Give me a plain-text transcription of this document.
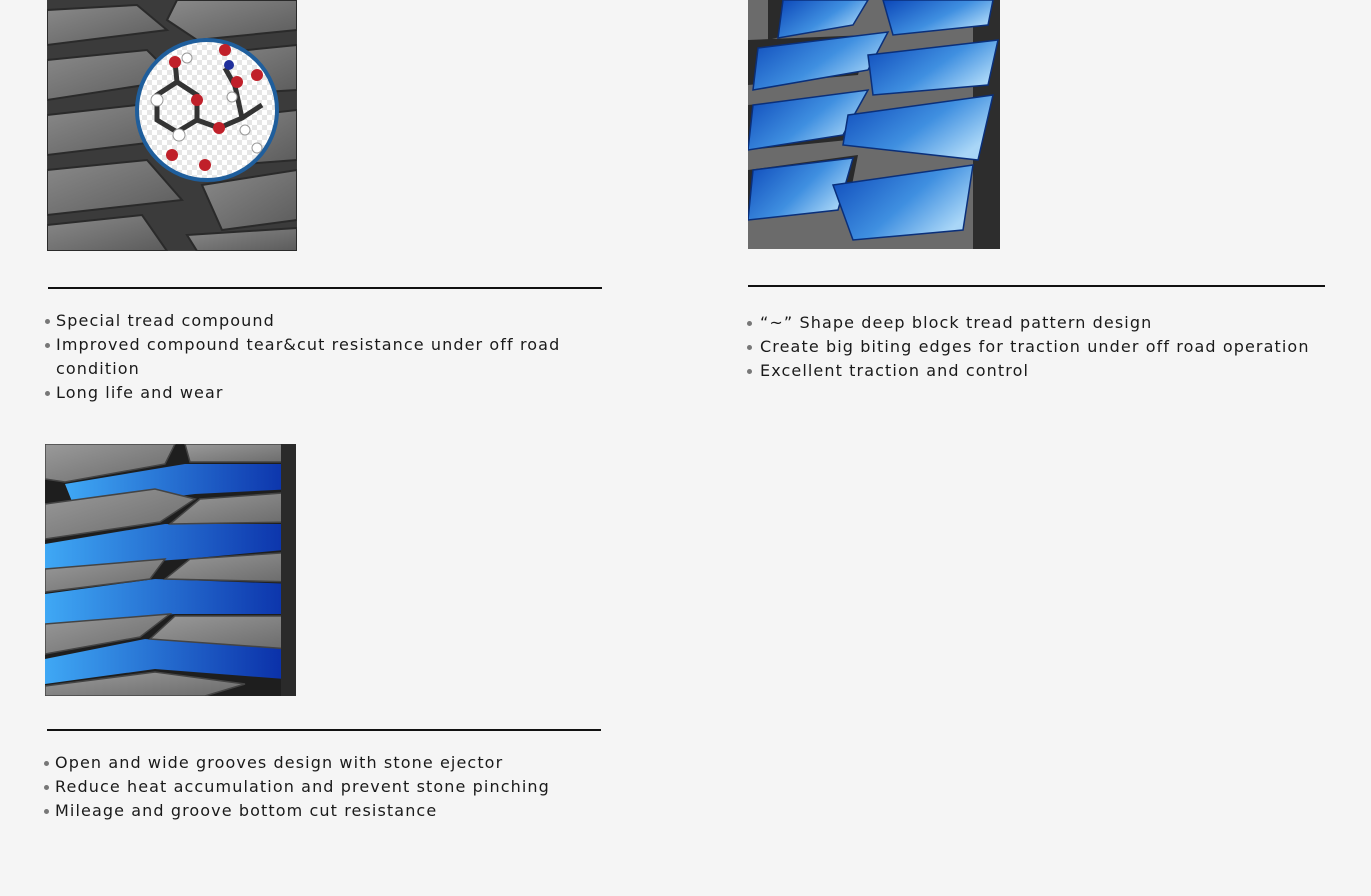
Special tread compound
Improved compound tear&cut resistance under off road condition
Long life and wear
“~” Shape deep block tread pattern design
Create big biting edges for traction under off road operation
Excellent traction and control
Open and wide grooves design with stone ejector
Reduce heat accumulation and prevent stone pinching
Mileage and groove bottom cut resistance
